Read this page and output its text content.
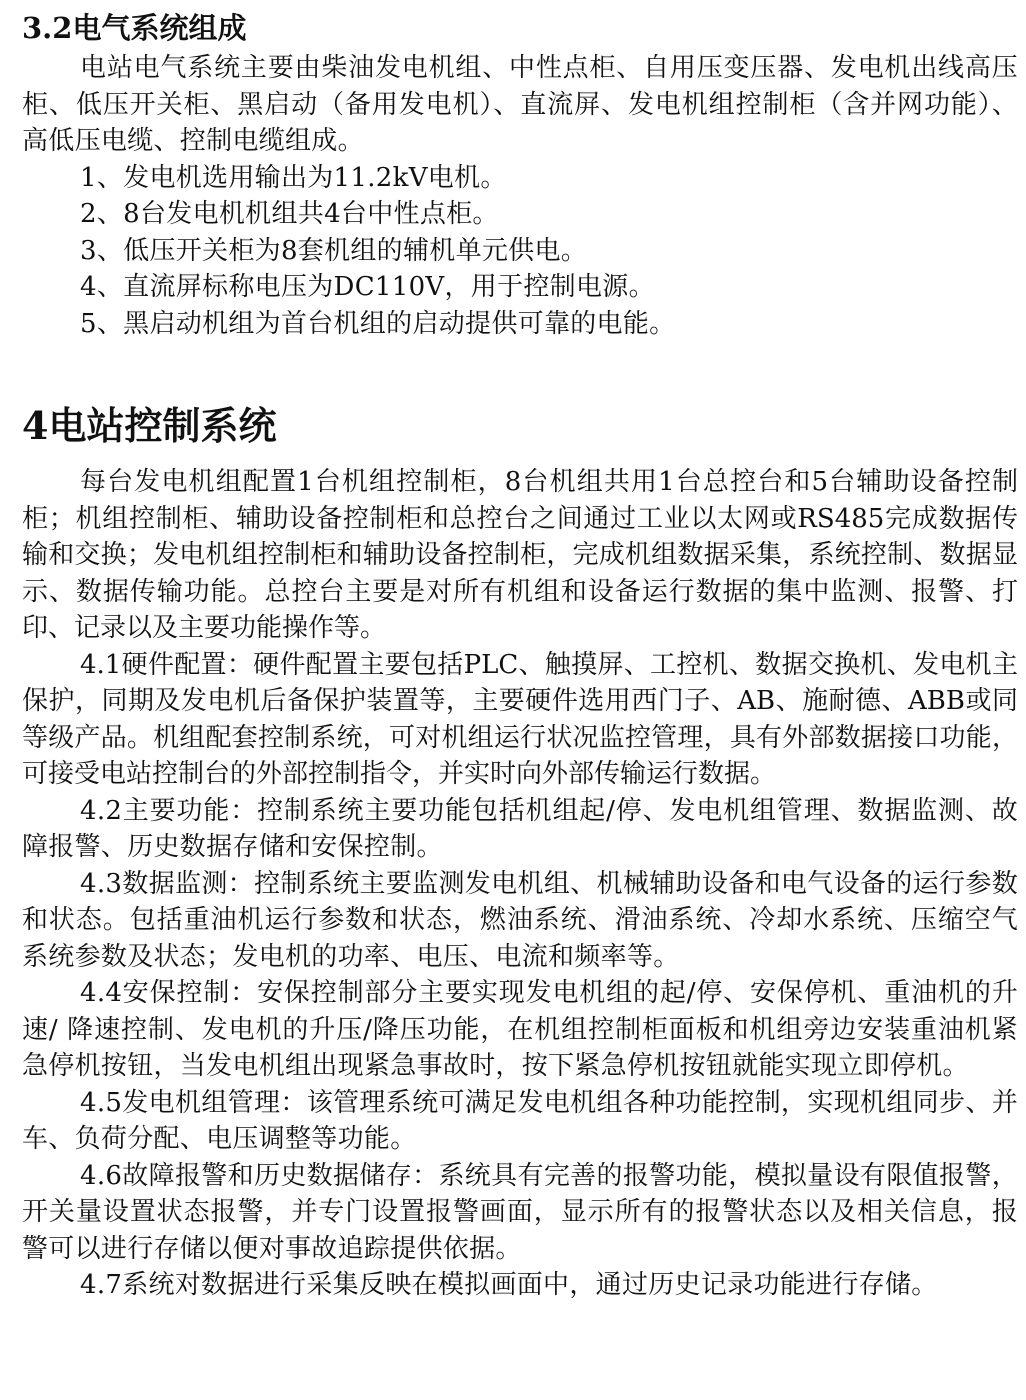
3.2电气系统组成

电站电气系统主要由柴油发电机组、中性点柜、自用压变压器、发电机出线高压柜、低压开关柜、黑启动（备用发电机）、直流屏、发电机组控制柜（含并网功能）、高低压电缆、控制电缆组成。

1、发电机选用输出为11.2kV电机。

2、8台发电机机组共4台中性点柜。

3、低压开关柜为8套机组的辅机单元供电。

4、直流屏标称电压为DC110V，用于控制电源。

5、黑启动机组为首台机组的启动提供可靠的电能。

4电站控制系统

每台发电机组配置1台机组控制柜，8台机组共用1台总控台和5台辅助设备控制柜；机组控制柜、辅助设备控制柜和总控台之间通过工业以太网或RS485完成数据传输和交换；发电机组控制柜和辅助设备控制柜，完成机组数据采集，系统控制、数据显示、数据传输功能。总控台主要是对所有机组和设备运行数据的集中监测、报警、打印、记录以及主要功能操作等。

4.1硬件配置：硬件配置主要包括PLC、触摸屏、工控机、数据交换机、发电机主 保护，同期及发电机后备保护装置等，主要硬件选用西门子、AB、施耐德、ABB或同等级产品。机组配套控制系统，可对机组运行状况监控管理，具有外部数据接口功能，可接受电站控制台的外部控制指令，并实时向外部传输运行数据。

4.2主要功能：控制系统主要功能包括机组起/停、发电机组管理、数据监测、故障报警、历史数据存储和安保控制。

4.3数据监测：控制系统主要监测发电机组、机械辅助设备和电气设备的运行参数 和状态。包括重油机运行参数和状态，燃油系统、滑油系统、冷却水系统、压缩空气系统参数及状态；发电机的功率、电压、电流和频率等。

4.4安保控制：安保控制部分主要实现发电机组的起/停、安保停机、重油机的升速/ 降速控制、发电机的升压/降压功能，在机组控制柜面板和机组旁边安装重油机紧急停机按钮，当发电机组出现紧急事故时，按下紧急停机按钮就能实现立即停机。

4.5发电机组管理：该管理系统可满足发电机组各种功能控制，实现机组同步、并车、负荷分配、电压调整等功能。

4.6故障报警和历史数据储存：系统具有完善的报警功能，模拟量设有限值报警，开关量设置状态报警，并专门设置报警画面，显示所有的报警状态以及相关信息，报警可以进行存储以便对事故追踪提供依据。

4.7系统对数据进行采集反映在模拟画面中，通过历史记录功能进行存储。
